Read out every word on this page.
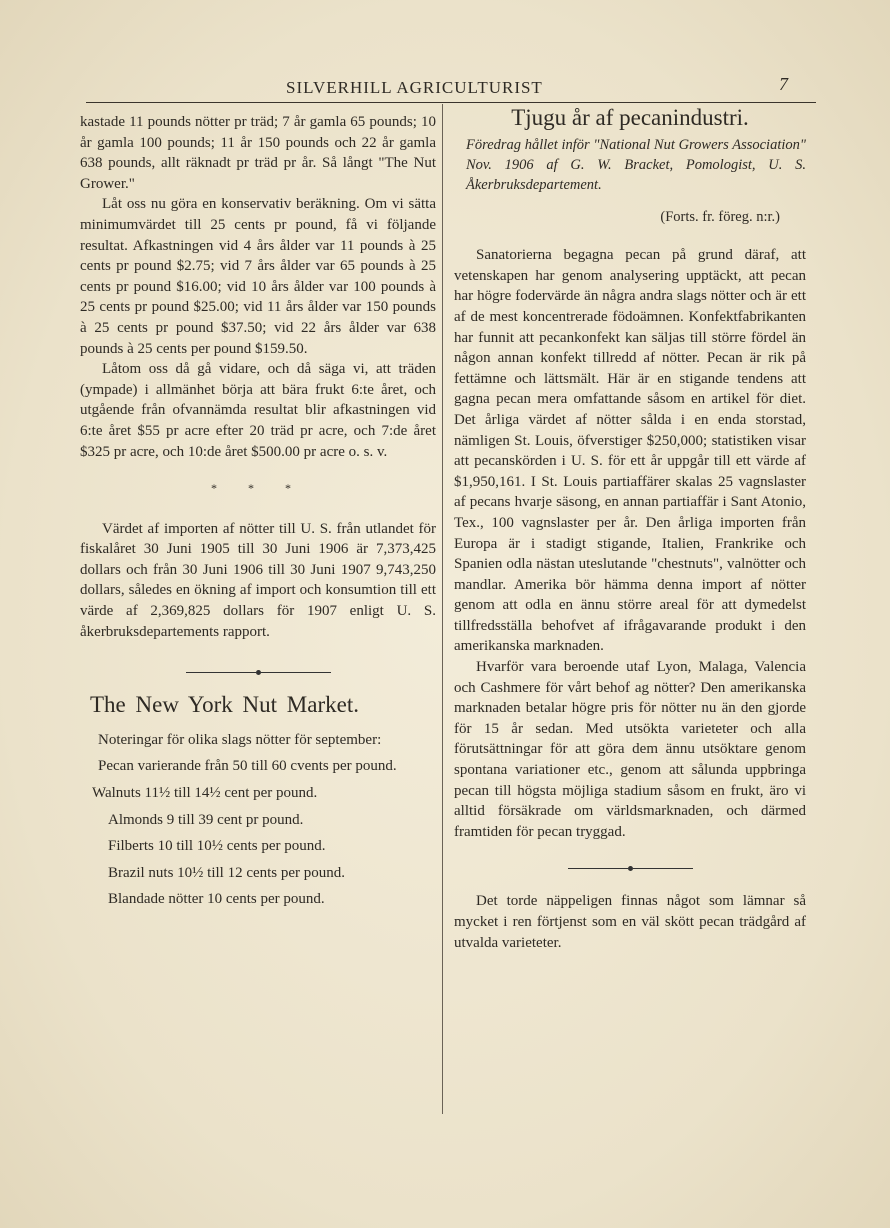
SILVERHILL AGRICULTURIST	7

kastade 11 pounds nötter pr träd; 7 år gamla 65 pounds; 10 år gamla 100 pounds; 11 år 150 pounds och 22 år gamla 638 pounds, allt räknadt pr träd pr år. Så långt "The Nut Grower."

Låt oss nu göra en konservativ beräkning. Om vi sätta minimumvärdet till 25 cents pr pound, få vi följande resultat. Afkastningen vid 4 års ålder var 11 pounds à 25 cents pr pound $2.75; vid 7 års ålder var 65 pounds à 25 cents pr pound $16.00; vid 10 års ålder var 100 pounds à 25 cents pr pound $25.00; vid 11 års ålder var 150 pounds à 25 cents pr pound $37.50; vid 22 års ålder var 638 pounds à 25 cents per pound $159.50.

Låtom oss då gå vidare, och då säga vi, att träden (ympade) i allmänhet börja att bära frukt 6:te året, och utgående från ofvannämda resultat blir afkastningen vid 6:te året $55 pr acre efter 20 träd pr acre, och 7:de året $325 pr acre, och 10:de året $500.00 pr acre o. s. v.

* * *

Värdet af importen af nötter till U. S. från utlandet för fiskalåret 30 Juni 1905 till 30 Juni 1906 är 7,373,425 dollars och från 30 Juni 1906 till 30 Juni 1907 9,743,250 dollars, således en ökning af import och konsumtion till ett värde af 2,369,825 dollars för 1907 enligt U. S. åkerbruksdepartements rapport.

The New York Nut Market.
Noteringar för olika slags nötter för september:
Pecan varierande från 50 till 60 cvents per pound.
Walnuts 11½ till 14½ cent per pound.
Almonds 9 till 39 cent pr pound.
Filberts 10 till 10½ cents per pound.
Brazil nuts 10½ till 12 cents per pound.
Blandade nötter 10 cents per pound.
Tjugu år af pecanindustri.

Föredrag hållet inför "National Nut Growers Association" Nov. 1906 af G. W. Bracket, Pomologist, U. S. Åkerbruksdepartement.

(Forts. fr. föreg. n:r.)

Sanatorierna begagna pecan på grund däraf, att vetenskapen har genom analysering upptäckt, att pecan har högre fodervärde än några andra slags nötter och är ett af de mest koncentrerade födoämnen. Konfektfabrikanten har funnit att pecankonfekt kan säljas till större fördel än någon annan konfekt tillredd af nötter. Pecan är rik på fettämne och lättsmält. Här är en stigande tendens att gagna pecan mera omfattande såsom en artikel för diet. Det årliga värdet af nötter sålda i en enda storstad, nämligen St. Louis, öfverstiger $250,000; statistiken visar att pecanskörden i U. S. för ett år uppgår till ett värde af $1,950,161. I St. Louis partiaffärer skalas 25 vagnslaster af pecans hvarje säsong, en annan partiaffär i Sant Atonio, Tex., 100 vagnslaster per år. Den årliga importen från Europa är i stadigt stigande, Italien, Frankrike och Spanien odla nästan uteslutande "chestnuts", valnötter och mandlar. Amerika bör hämma denna import af nötter genom att odla en ännu större areal för att dymedelst tillfredsställa behofvet af ifrågavarande produkt i den amerikanska marknaden.

Hvarför vara beroende utaf Lyon, Malaga, Valencia och Cashmere för vårt behof ag nötter? Den amerikanska marknaden betalar högre pris för nötter nu än den gjorde för 15 år sedan. Med utsökta varieteter och alla förutsättningar för att göra dem ännu utsöktare genom spontana variationer etc., genom att sålunda uppbringa pecan till högsta möjliga stadium såsom en frukt, äro vi alltid försäkrade om världsmarknaden, och därmed framtiden för pecan tryggad.

Det torde näppeligen finnas något som lämnar så mycket i ren förtjenst som en väl skött pecan trädgård af utvalda varieteter.
